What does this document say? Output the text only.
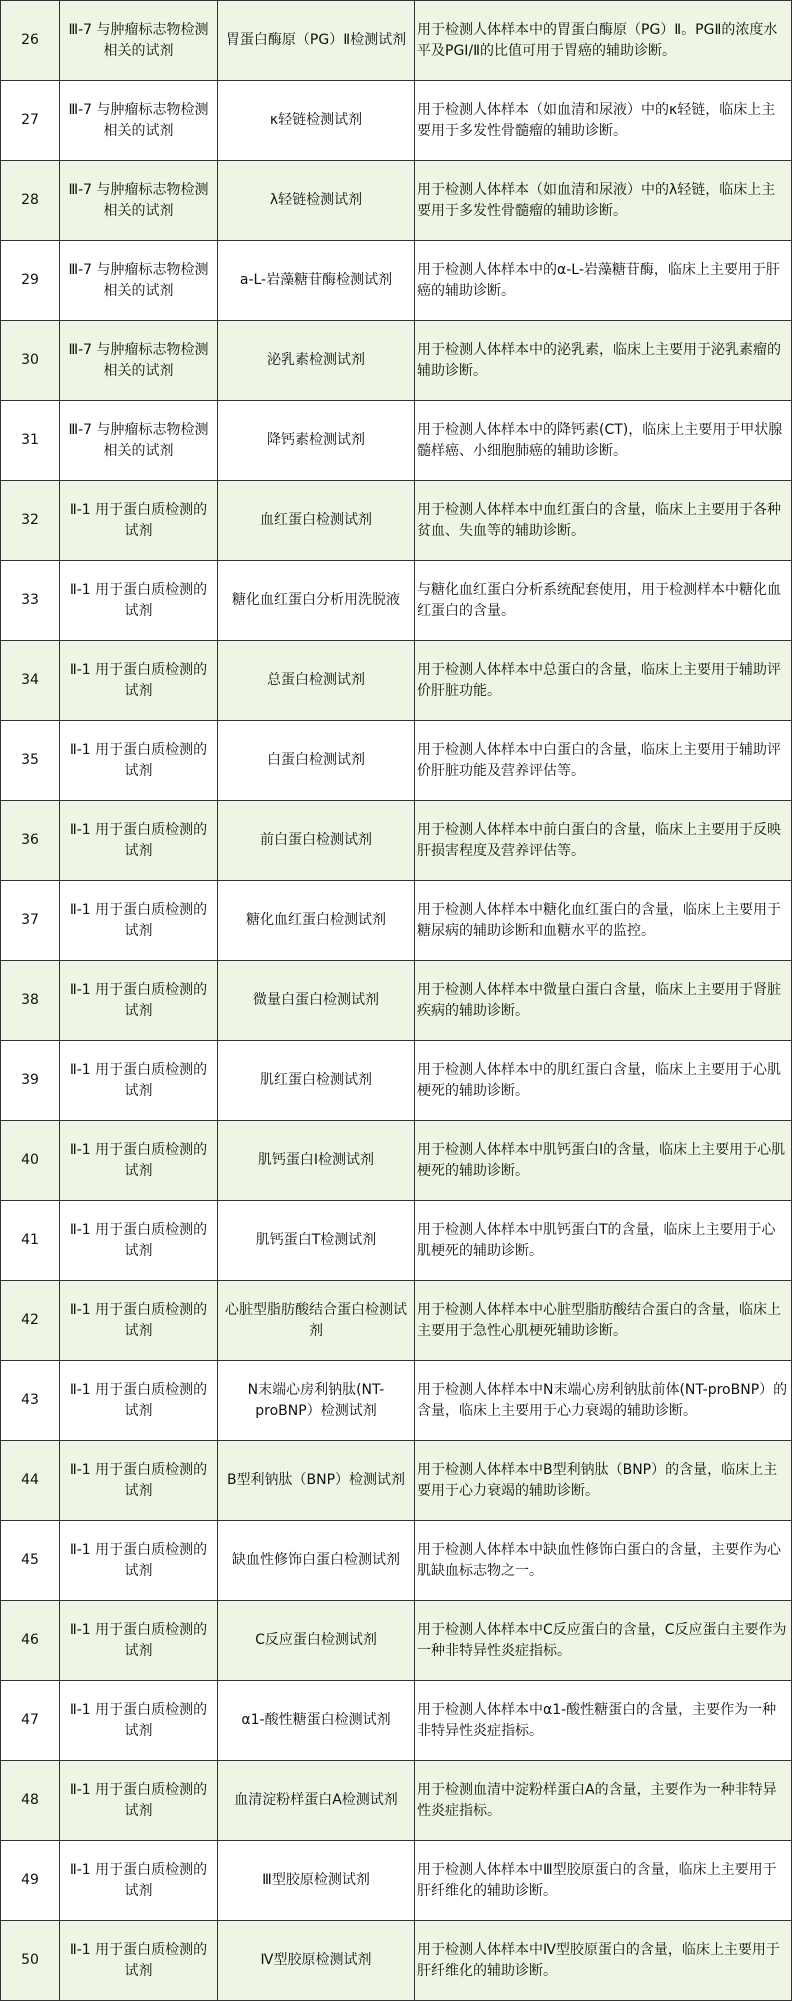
26	Ⅲ-7 与肿瘤标志物检测相关的试剂	胃蛋白酶原（PG）Ⅱ检测试剂	用于检测人体样本中的胃蛋白酶原（PG）Ⅱ。PGⅡ的浓度水平及PGI/Ⅱ的比值可用于胃癌的辅助诊断。
27	Ⅲ-7 与肿瘤标志物检测相关的试剂	κ轻链检测试剂	用于检测人体样本（如血清和尿液）中的κ轻链，临床上主要用于多发性骨髓瘤的辅助诊断。
28	Ⅲ-7 与肿瘤标志物检测相关的试剂	λ轻链检测试剂	用于检测人体样本（如血清和尿液）中的λ轻链，临床上主要用于多发性骨髓瘤的辅助诊断。
29	Ⅲ-7 与肿瘤标志物检测相关的试剂	a-L-岩藻糖苷酶检测试剂	用于检测人体样本中的α-L-岩藻糖苷酶，临床上主要用于肝癌的辅助诊断。
30	Ⅲ-7 与肿瘤标志物检测相关的试剂	泌乳素检测试剂	用于检测人体样本中的泌乳素，临床上主要用于泌乳素瘤的辅助诊断。
31	Ⅲ-7 与肿瘤标志物检测相关的试剂	降钙素检测试剂	用于检测人体样本中的降钙素(CT)，临床上主要用于甲状腺髓样癌、小细胞肺癌的辅助诊断。
32	Ⅱ-1 用于蛋白质检测的试剂	血红蛋白检测试剂	用于检测人体样本中血红蛋白的含量，临床上主要用于各种贫血、失血等的辅助诊断。
33	Ⅱ-1 用于蛋白质检测的试剂	糖化血红蛋白分析用洗脱液	与糖化血红蛋白分析系统配套使用，用于检测样本中糖化血红蛋白的含量。
34	Ⅱ-1 用于蛋白质检测的试剂	总蛋白检测试剂	用于检测人体样本中总蛋白的含量，临床上主要用于辅助评价肝脏功能。
35	Ⅱ-1 用于蛋白质检测的试剂	白蛋白检测试剂	用于检测人体样本中白蛋白的含量，临床上主要用于辅助评价肝脏功能及营养评估等。
36	Ⅱ-1 用于蛋白质检测的试剂	前白蛋白检测试剂	用于检测人体样本中前白蛋白的含量，临床上主要用于反映肝损害程度及营养评估等。
37	Ⅱ-1 用于蛋白质检测的试剂	糖化血红蛋白检测试剂	用于检测人体样本中糖化血红蛋白的含量，临床上主要用于糖尿病的辅助诊断和血糖水平的监控。
38	Ⅱ-1 用于蛋白质检测的试剂	微量白蛋白检测试剂	用于检测人体样本中微量白蛋白含量，临床上主要用于肾脏疾病的辅助诊断。
39	Ⅱ-1 用于蛋白质检测的试剂	肌红蛋白检测试剂	用于检测人体样本中的肌红蛋白含量，临床上主要用于心肌梗死的辅助诊断。
40	Ⅱ-1 用于蛋白质检测的试剂	肌钙蛋白I检测试剂	用于检测人体样本中肌钙蛋白I的含量，临床上主要用于心肌梗死的辅助诊断。
41	Ⅱ-1 用于蛋白质检测的试剂	肌钙蛋白T检测试剂	用于检测人体样本中肌钙蛋白T的含量，临床上主要用于心肌梗死的辅助诊断。
42	Ⅱ-1 用于蛋白质检测的试剂	心脏型脂肪酸结合蛋白检测试剂	用于检测人体样本中心脏型脂肪酸结合蛋白的含量，临床上主要用于急性心肌梗死辅助诊断。
43	Ⅱ-1 用于蛋白质检测的试剂	N末端心房利钠肽(NT-proBNP）检测试剂	用于检测人体样本中N末端心房利钠肽前体(NT-proBNP）的含量，临床上主要用于心力衰竭的辅助诊断。
44	Ⅱ-1 用于蛋白质检测的试剂	B型利钠肽（BNP）检测试剂	用于检测人体样本中B型利钠肽（BNP）的含量，临床上主要用于心力衰竭的辅助诊断。
45	Ⅱ-1 用于蛋白质检测的试剂	缺血性修饰白蛋白检测试剂	用于检测人体样本中缺血性修饰白蛋白的含量，主要作为心肌缺血标志物之一。
46	Ⅱ-1 用于蛋白质检测的试剂	C反应蛋白检测试剂	用于检测人体样本中C反应蛋白的含量，C反应蛋白主要作为一种非特异性炎症指标。
47	Ⅱ-1 用于蛋白质检测的试剂	α1-酸性糖蛋白检测试剂	用于检测人体样本中α1-酸性糖蛋白的含量，主要作为一种非特异性炎症指标。
48	Ⅱ-1 用于蛋白质检测的试剂	血清淀粉样蛋白A检测试剂	用于检测血清中淀粉样蛋白A的含量，主要作为一种非特异性炎症指标。
49	Ⅱ-1 用于蛋白质检测的试剂	Ⅲ型胶原检测试剂	用于检测人体样本中Ⅲ型胶原蛋白的含量，临床上主要用于肝纤维化的辅助诊断。
50	Ⅱ-1 用于蛋白质检测的试剂	Ⅳ型胶原检测试剂	用于检测人体样本中Ⅳ型胶原蛋白的含量，临床上主要用于肝纤维化的辅助诊断。
